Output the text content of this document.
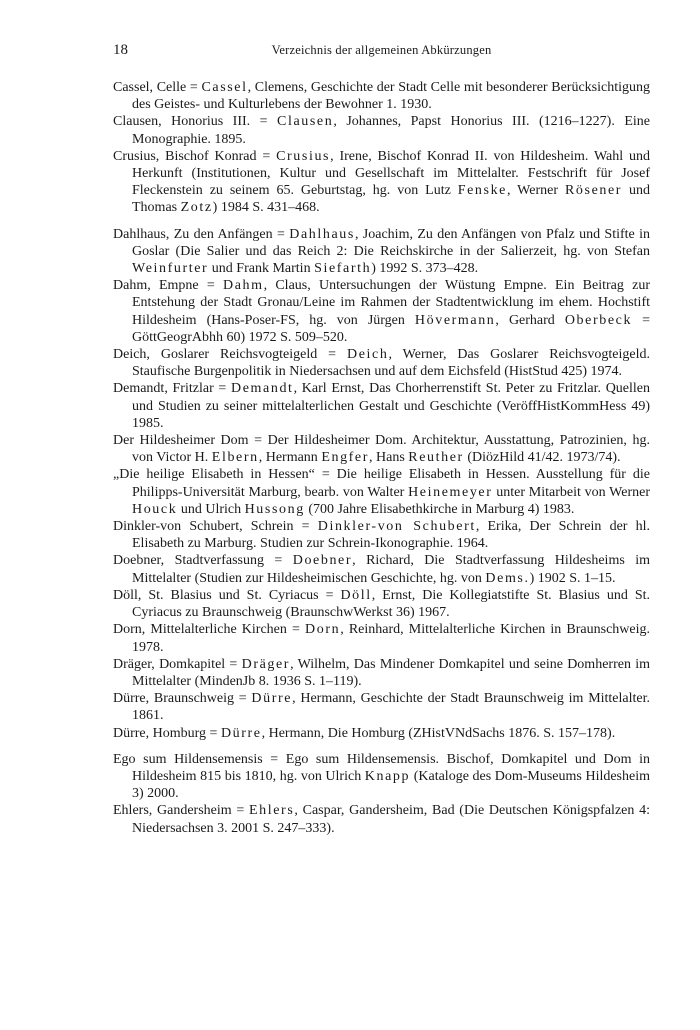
18	Verzeichnis der allgemeinen Abkürzungen

Cassel, Celle = Cassel, Clemens, Geschichte der Stadt Celle mit besonderer Berücksichtigung des Geistes- und Kulturlebens der Bewohner 1. 1930.

Clausen, Honorius III. = Clausen, Johannes, Papst Honorius III. (1216–1227). Eine Monographie. 1895.

Crusius, Bischof Konrad = Crusius, Irene, Bischof Konrad II. von Hildesheim. Wahl und Herkunft (Institutionen, Kultur und Gesellschaft im Mittelalter. Festschrift für Josef Fleckenstein zu seinem 65. Geburtstag, hg. von Lutz Fenske, Werner Rösener und Thomas Zotz) 1984 S. 431–468.

Dahlhaus, Zu den Anfängen = Dahlhaus, Joachim, Zu den Anfängen von Pfalz und Stifte in Goslar (Die Salier und das Reich 2: Die Reichskirche in der Salierzeit, hg. von Stefan Weinfurter und Frank Martin Siefarth) 1992 S. 373–428.

Dahm, Empne = Dahm, Claus, Untersuchungen der Wüstung Empne. Ein Beitrag zur Entstehung der Stadt Gronau/Leine im Rahmen der Stadtentwicklung im ehem. Hochstift Hildesheim (Hans-Poser-FS, hg. von Jürgen Hövermann, Gerhard Oberbeck = GöttGeogrAbhh 60) 1972 S. 509–520.

Deich, Goslarer Reichsvogteigeld = Deich, Werner, Das Goslarer Reichsvogteigeld. Staufische Burgenpolitik in Niedersachsen und auf dem Eichsfeld (HistStud 425) 1974.

Demandt, Fritzlar = Demandt, Karl Ernst, Das Chorherrenstift St. Peter zu Fritzlar. Quellen und Studien zu seiner mittelalterlichen Gestalt und Geschichte (VeröffHistKommHess 49) 1985.

Der Hildesheimer Dom = Der Hildesheimer Dom. Architektur, Ausstattung, Patrozinien, hg. von Victor H. Elbern, Hermann Engfer, Hans Reuther (DiözHild 41/42. 1973/74).

„Die heilige Elisabeth in Hessen“ = Die heilige Elisabeth in Hessen. Ausstellung für die Philipps-Universität Marburg, bearb. von Walter Heinemeyer unter Mitarbeit von Werner Houck und Ulrich Hussong (700 Jahre Elisabethkirche in Marburg 4) 1983.

Dinkler-von Schubert, Schrein = Dinkler-von Schubert, Erika, Der Schrein der hl. Elisabeth zu Marburg. Studien zur Schrein-Ikonographie. 1964.

Doebner, Stadtverfassung = Doebner, Richard, Die Stadtverfassung Hildesheims im Mittelalter (Studien zur Hildesheimischen Geschichte, hg. von Dems.) 1902 S. 1–15.

Döll, St. Blasius und St. Cyriacus = Döll, Ernst, Die Kollegiatstifte St. Blasius und St. Cyriacus zu Braunschweig (BraunschwWerkst 36) 1967.

Dorn, Mittelalterliche Kirchen = Dorn, Reinhard, Mittelalterliche Kirchen in Braunschweig. 1978.

Dräger, Domkapitel = Dräger, Wilhelm, Das Mindener Domkapitel und seine Domherren im Mittelalter (MindenJb 8. 1936 S. 1–119).

Dürre, Braunschweig = Dürre, Hermann, Geschichte der Stadt Braunschweig im Mittelalter. 1861.

Dürre, Homburg = Dürre, Hermann, Die Homburg (ZHistVNdSachs 1876. S. 157–178).

Ego sum Hildensemensis = Ego sum Hildensemensis. Bischof, Domkapitel und Dom in Hildesheim 815 bis 1810, hg. von Ulrich Knapp (Kataloge des Dom-Museums Hildesheim 3) 2000.

Ehlers, Gandersheim = Ehlers, Caspar, Gandersheim, Bad (Die Deutschen Königspfalzen 4: Niedersachsen 3. 2001 S. 247–333).
